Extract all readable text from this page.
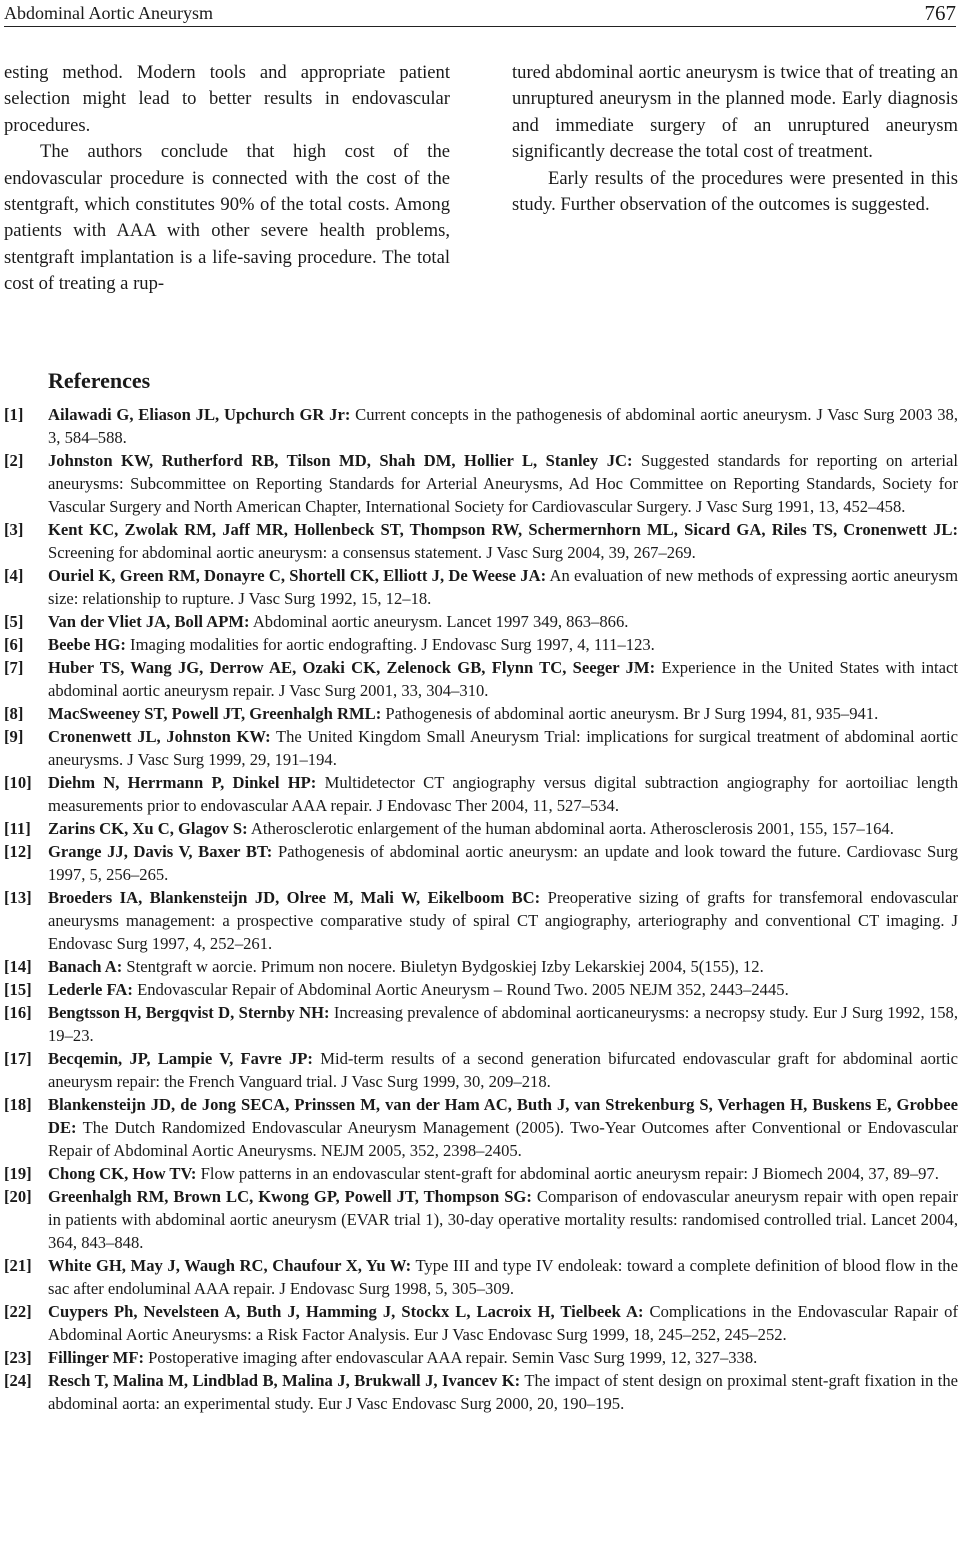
Abdominal Aortic Aneurysm	767

esting method. Modern tools and appropriate patient selection might lead to better results in endovascular procedures.

The authors conclude that high cost of the endovascular procedure is connected with the cost of the stentgraft, which constitutes 90% of the total costs. Among patients with AAA with other severe health problems, stentgraft implantation is a life-saving procedure. The total cost of treating a rup-

tured abdominal aortic aneurysm is twice that of treating an unruptured aneurysm in the planned mode. Early diagnosis and immediate surgery of an unruptured aneurysm significantly decrease the total cost of treatment.

Early results of the procedures were presented in this study. Further observation of the outcomes is suggested.

References
[1]	Ailawadi G, Eliason JL, Upchurch GR Jr: Current concepts in the pathogenesis of abdominal aortic aneurysm. J Vasc Surg 2003 38, 3, 584–588.
[2]	Johnston KW, Rutherford RB, Tilson MD, Shah DM, Hollier L, Stanley JC: Suggested standards for reporting on arterial aneurysms: Subcommittee on Reporting Standards for Arterial Aneurysms, Ad Hoc Committee on Reporting Standards, Society for Vascular Surgery and North American Chapter, International Society for Cardiovascular Surgery. J Vasc Surg 1991, 13, 452–458.
[3]	Kent KC, Zwolak RM, Jaff MR, Hollenbeck ST, Thompson RW, Schermernhorn ML, Sicard GA, Riles TS, Cronenwett JL: Screening for abdominal aortic aneurysm: a consensus statement. J Vasc Surg 2004, 39, 267–269.
[4]	Ouriel K, Green RM, Donayre C, Shortell CK, Elliott J, De Weese JA: An evaluation of new methods of expressing aortic aneurysm size: relationship to rupture. J Vasc Surg 1992, 15, 12–18.
[5]	Van der Vliet JA, Boll APM: Abdominal aortic aneurysm. Lancet 1997 349, 863–866.
[6]	Beebe HG: Imaging modalities for aortic endografting. J Endovasc Surg 1997, 4, 111–123.
[7]	Huber TS, Wang JG, Derrow AE, Ozaki CK, Zelenock GB, Flynn TC, Seeger JM: Experience in the United States with intact abdominal aortic aneurysm repair. J Vasc Surg 2001, 33, 304–310.
[8]	MacSweeney ST, Powell JT, Greenhalgh RML: Pathogenesis of abdominal aortic aneurysm. Br J Surg 1994, 81, 935–941.
[9]	Cronenwett JL, Johnston KW: The United Kingdom Small Aneurysm Trial: implications for surgical treatment of abdominal aortic aneurysms. J Vasc Surg 1999, 29, 191–194.
[10] Diehm N, Herrmann P, Dinkel HP: Multidetector CT angiography versus digital subtraction angiography for aortoiliac length measurements prior to endovascular AAA repair. J Endovasc Ther 2004, 11, 527–534.
[11]	Zarins CK, Xu C, Glagov S: Atherosclerotic enlargement of the human abdominal aorta. Atherosclerosis 2001, 155, 157–164.
[12] Grange JJ, Davis V, Baxer BT: Pathogenesis of abdominal aortic aneurysm: an update and look toward the future. Cardiovasc Surg 1997, 5, 256–265.
[13] Broeders IA, Blankensteijn JD, Olree M, Mali W, Eikelboom BC: Preoperative sizing of grafts for transfemoral endovascular aneurysms management: a prospective comparative study of spiral CT angiography, arteriography and conventional CT imaging. J Endovasc Surg 1997, 4, 252–261.
[14] Banach A: Stentgraft w aorcie. Primum non nocere. Biuletyn Bydgoskiej Izby Lekarskiej 2004, 5(155), 12.
[15] Lederle FA: Endovascular Repair of Abdominal Aortic Aneurysm – Round Two. 2005 NEJM 352, 2443–2445.
[16] Bengtsson H, Bergqvist D, Sternby NH: Increasing prevalence of abdominal aorticaneurysms: a necropsy study. Eur J Surg 1992, 158, 19–23.
[17] Becqemin, JP, Lampie V, Favre JP: Mid-term results of a second generation bifurcated endovascular graft for abdominal aortic aneurysm repair: the French Vanguard trial. J Vasc Surg 1999, 30, 209–218.
[18] Blankensteijn JD, de Jong SECA, Prinssen M, van der Ham AC, Buth J, van Strekenburg S, Verhagen H, Buskens E, Grobbee DE: The Dutch Randomized Endovascular Aneurysm Management (2005). Two-Year Outcomes after Conventional or Endovascular Repair of Abdominal Aortic Aneurysms. NEJM 2005, 352, 2398–2405.
[19] Chong CK, How TV: Flow patterns in an endovascular stent-graft for abdominal aortic aneurysm repair: J Biomech 2004, 37, 89–97.
[20] Greenhalgh RM, Brown LC, Kwong GP, Powell JT, Thompson SG: Comparison of endovascular aneurysm repair with open repair in patients with abdominal aortic aneurysm (EVAR trial 1), 30-day operative mortality results: randomised controlled trial. Lancet 2004, 364, 843–848.
[21] White GH, May J, Waugh RC, Chaufour X, Yu W: Type III and type IV endoleak: toward a complete definition of blood flow in the sac after endoluminal AAA repair. J Endovasc Surg 1998, 5, 305–309.
[22] Cuypers Ph, Nevelsteen A, Buth J, Hamming J, Stockx L, Lacroix H, Tielbeek A: Complications in the Endovascular Rapair of Abdominal Aortic Aneurysms: a Risk Factor Analysis. Eur J Vasc Endovasc Surg 1999, 18, 245–252, 245–252.
[23] Fillinger MF: Postoperative imaging after endovascular AAA repair. Semin Vasc Surg 1999, 12, 327–338.
[24] Resch T, Malina M, Lindblad B, Malina J, Brukwall J, Ivancev K: The impact of stent design on proximal stent-graft fixation in the abdominal aorta: an experimental study. Eur J Vasc Endovasc Surg 2000, 20, 190–195.
